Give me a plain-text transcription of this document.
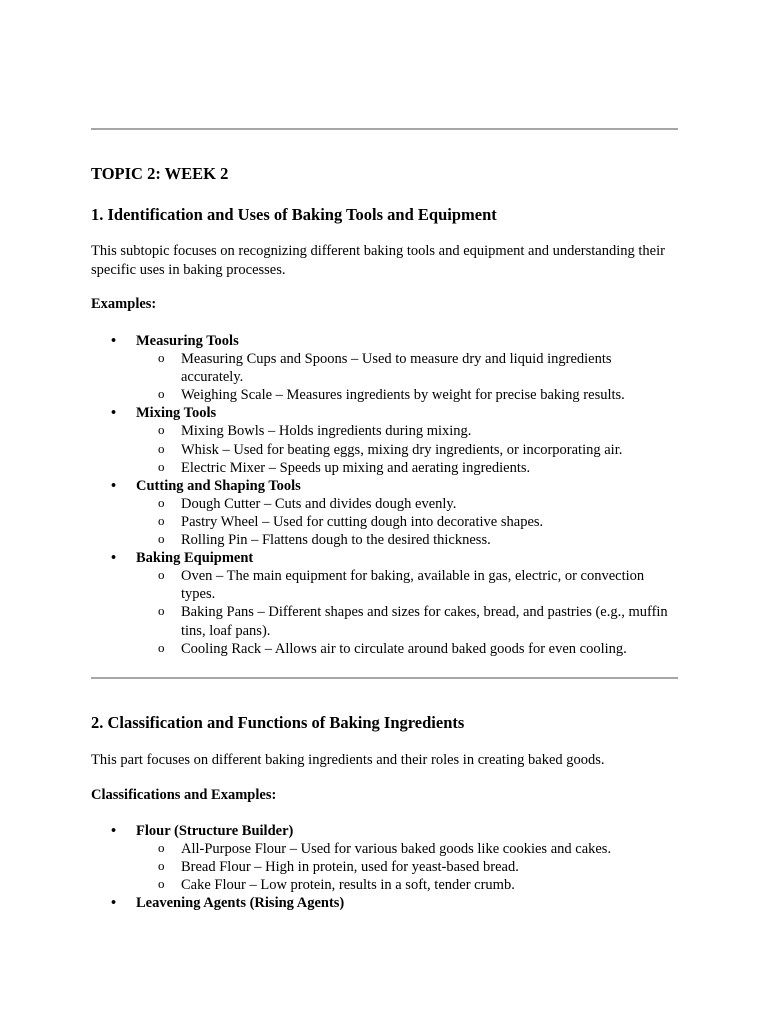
TOPIC 2: WEEK 2
1. Identification and Uses of Baking Tools and Equipment
This subtopic focuses on recognizing different baking tools and equipment and understanding their specific uses in baking processes.
Examples:
• Measuring Tools
o Measuring Cups and Spoons – Used to measure dry and liquid ingredients accurately.
o Weighing Scale – Measures ingredients by weight for precise baking results.
• Mixing Tools
o Mixing Bowls – Holds ingredients during mixing.
o Whisk – Used for beating eggs, mixing dry ingredients, or incorporating air.
o Electric Mixer – Speeds up mixing and aerating ingredients.
• Cutting and Shaping Tools
o Dough Cutter – Cuts and divides dough evenly.
o Pastry Wheel – Used for cutting dough into decorative shapes.
o Rolling Pin – Flattens dough to the desired thickness.
• Baking Equipment
o Oven – The main equipment for baking, available in gas, electric, or convection types.
o Baking Pans – Different shapes and sizes for cakes, bread, and pastries (e.g., muffin tins, loaf pans).
o Cooling Rack – Allows air to circulate around baked goods for even cooling.
2. Classification and Functions of Baking Ingredients
This part focuses on different baking ingredients and their roles in creating baked goods.
Classifications and Examples:
• Flour (Structure Builder)
o All-Purpose Flour – Used for various baked goods like cookies and cakes.
o Bread Flour – High in protein, used for yeast-based bread.
o Cake Flour – Low protein, results in a soft, tender crumb.
• Leavening Agents (Rising Agents)
